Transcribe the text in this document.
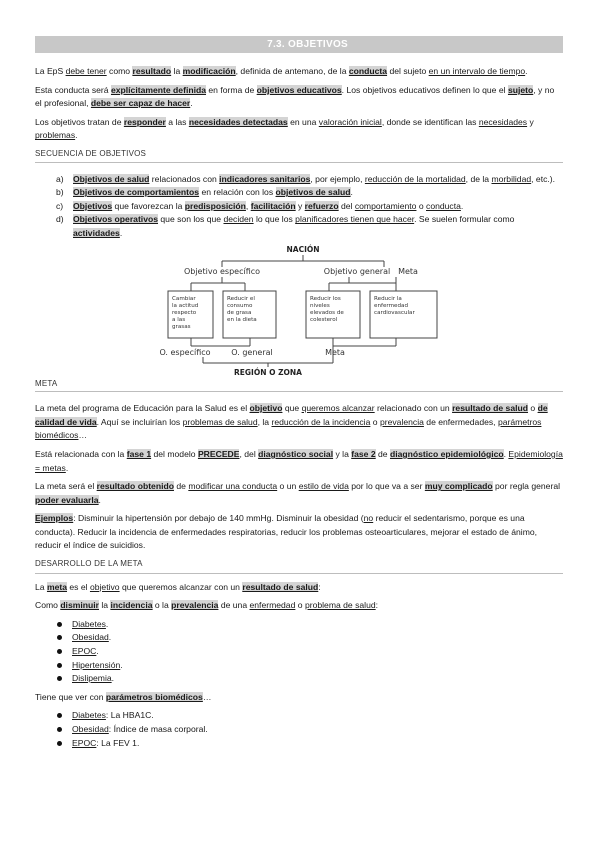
7.3. OBJETIVOS

La EpS debe tener como resultado la modificación, definida de antemano, de la conducta del sujeto en un intervalo de tiempo.

Esta conducta será explícitamente definida en forma de objetivos educativos. Los objetivos educativos definen lo que el sujeto, y no el profesional, debe ser capaz de hacer.

Los objetivos tratan de responder a las necesidades detectadas en una valoración inicial, donde se identifican las necesidades y problemas.

SECUENCIA DE OBJETIVOS
a) Objetivos de salud relacionados con indicadores sanitarios, por ejemplo, reducción de la mortalidad, de la morbilidad, etc.).
b) Objetivos de comportamientos en relación con los objetivos de salud.
c) Objetivos que favorezcan la predisposición, facilitación y refuerzo del comportamiento o conducta.
d) Objetivos operativos que son los que deciden lo que los planificadores tienen que hacer. Se suelen formular como actividades.
NACIÓN
Objetivo específico	Objetivo general Meta
Cambiar
la actitud
respecto
a las
grasas
Reducir el
consumo
de grasa
en la dieta
Reducir los
niveles
elevados de
colesterol
Reducir la
enfermedad
cardiovascular
O. específico	O. general	Meta
REGIÓN O ZONA
META

La meta del programa de Educación para la Salud es el objetivo que queremos alcanzar relacionado con un resultado de salud o de calidad de vida. Aquí se incluirían los problemas de salud, la reducción de la incidencia o prevalencia de enfermedades, parámetros biomédicos…

Está relacionada con la fase 1 del modelo PRECEDE, del diagnóstico social y la fase 2 de diagnóstico epidemiológico. Epidemiología = metas.

La meta será el resultado obtenido de modificar una conducta o un estilo de vida por lo que va a ser muy complicado por regla general poder evaluarla.

Ejemplos: Disminuir la hipertensión por debajo de 140 mmHg. Disminuir la obesidad (no reducir el sedentarismo, porque es una conducta). Reducir la incidencia de enfermedades respiratorias, reducir los problemas osteoarticulares, mejorar el estado de ánimo, reducir el índice de suicidios.

DESARROLLO DE LA META

La meta es el objetivo que queremos alcanzar con un resultado de salud:

Como disminuir la incidencia o la prevalencia de una enfermedad o problema de salud:

Diabetes.
Obesidad.
EPOC.
Hipertensión.
Dislipemia.

Tiene que ver con parámetros biomédicos…

Diabetes: La HBA1C.
Obesidad: Índice de masa corporal.
EPOC: La FEV 1.
